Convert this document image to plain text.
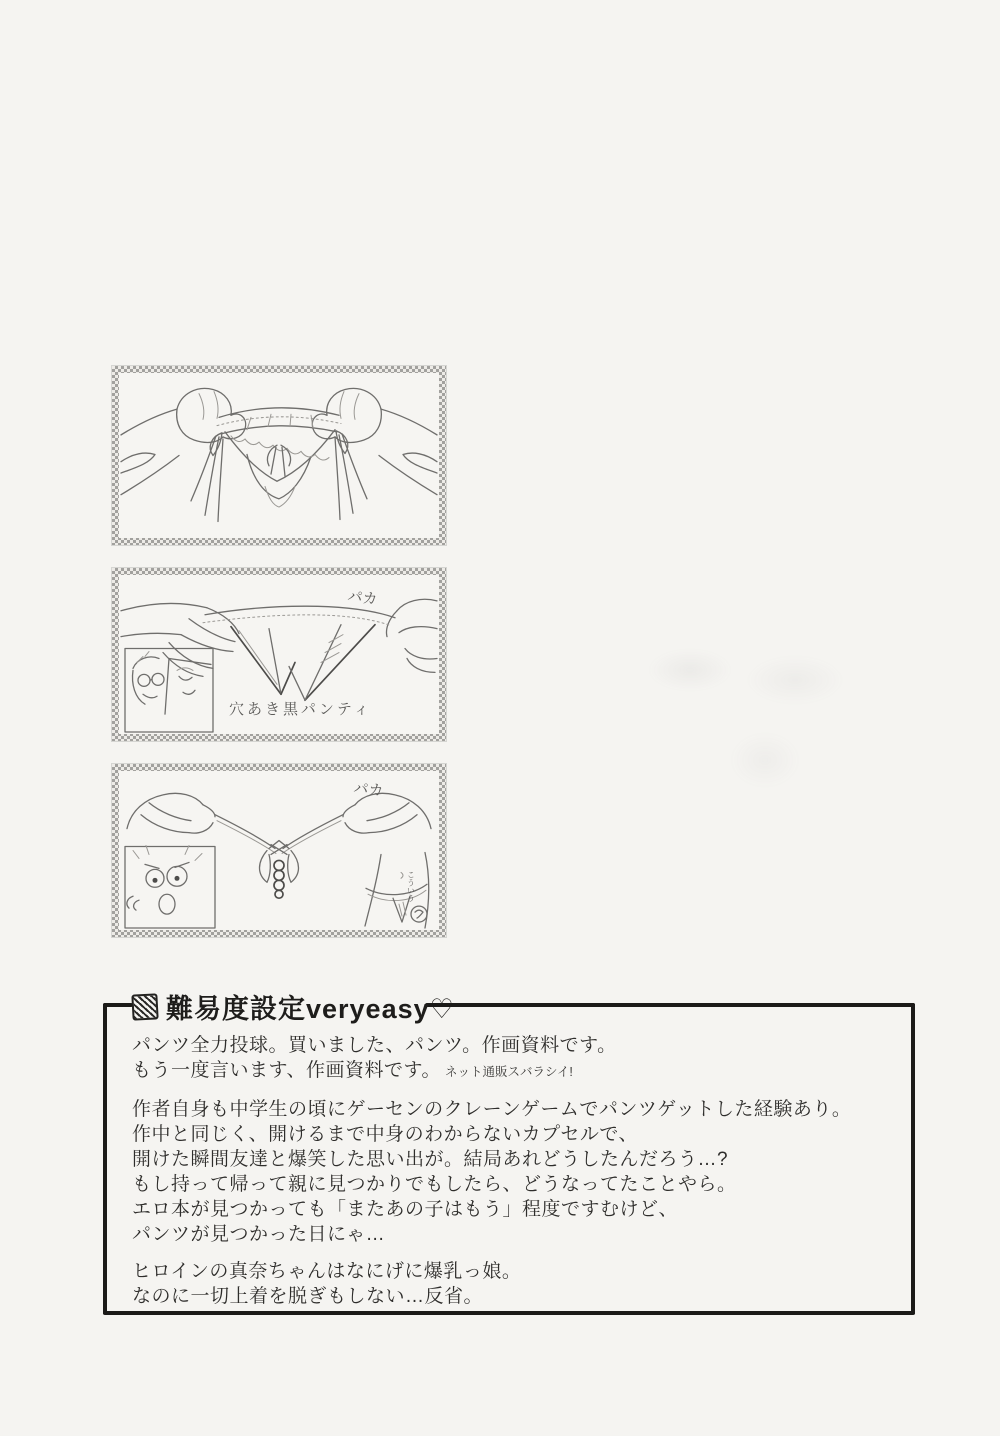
パカ
穴あき黒パンティ
パカ
こういう
難易度設定veryeasy♡
パンツ全力投球。買いました、パンツ。作画資料です。
もう一度言います、作画資料です。 ネット通販スバラシイ!
作者自身も中学生の頃にゲーセンのクレーンゲームでパンツゲットした経験あり。
作中と同じく、開けるまで中身のわからないカプセルで、
開けた瞬間友達と爆笑した思い出が。結局あれどうしたんだろう…?
もし持って帰って親に見つかりでもしたら、どうなってたことやら。
エロ本が見つかっても「またあの子はもう」程度ですむけど、
パンツが見つかった日にゃ…
ヒロインの真奈ちゃんはなにげに爆乳っ娘。
なのに一切上着を脱ぎもしない…反省。
